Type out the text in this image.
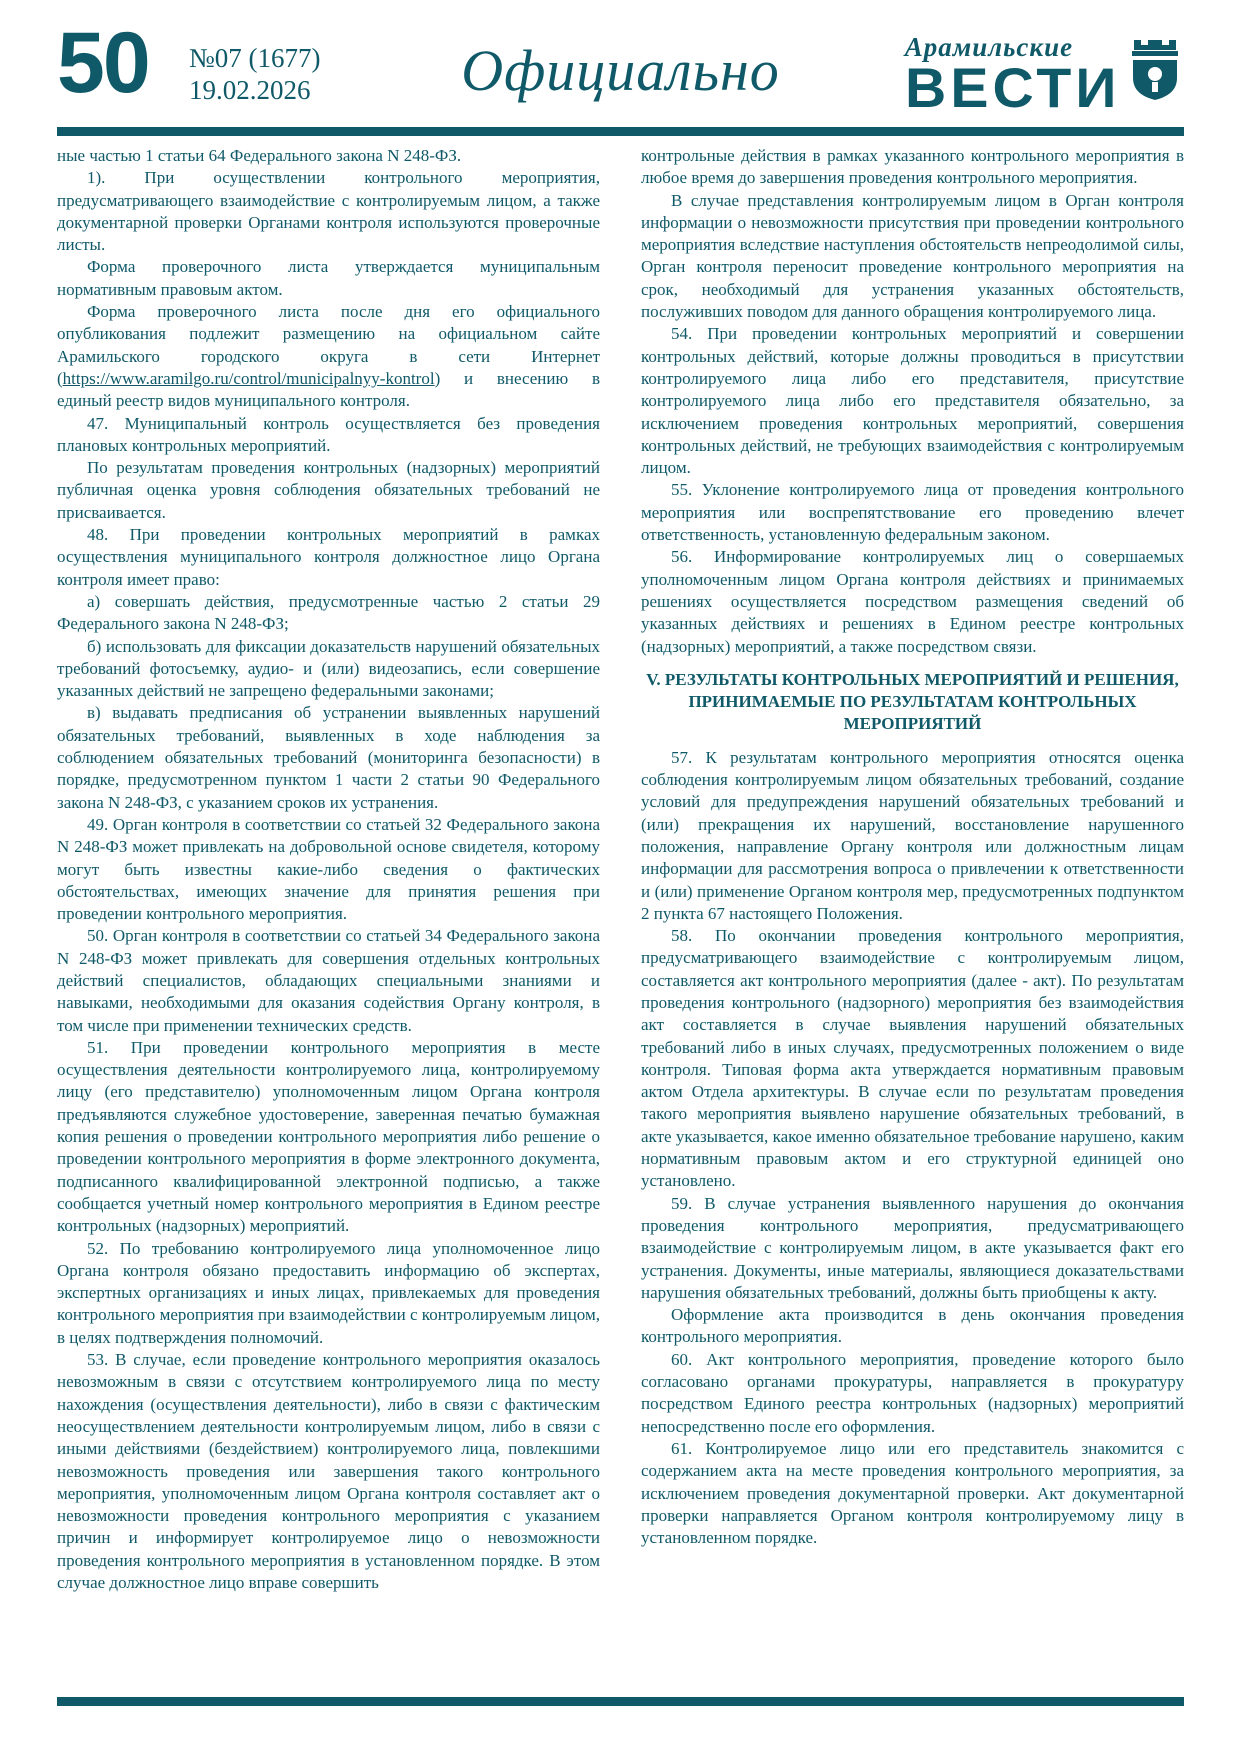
50 №07 (1677)
19.02.2026	Официально	Арамильские
ВЕСТИ

ные частью 1 статьи 64 Федерального закона N 248-ФЗ.

1). При осуществлении контрольного мероприятия, предусматривающего взаимодействие с контролируемым лицом, а также документарной проверки Органами контроля используются проверочные листы.

Форма проверочного листа утверждается муниципальным нормативным правовым актом.

Форма проверочного листа после дня его официального опубликования подлежит размещению на официальном сайте Арамильского городского округа в сети Интернет (https://www.aramilgo.ru/control/municipalnyy-kontrol) и внесению в единый реестр видов муниципального контроля.

47. Муниципальный контроль осуществляется без проведения плановых контрольных мероприятий.

По результатам проведения контрольных (надзорных) мероприятий публичная оценка уровня соблюдения обязательных требований не присваивается.

48. При проведении контрольных мероприятий в рамках осуществления муниципального контроля должностное лицо Органа контроля имеет право:

а) совершать действия, предусмотренные частью 2 статьи 29 Федерального закона N 248-ФЗ;

б) использовать для фиксации доказательств нарушений обязательных требований фотосъемку, аудио- и (или) видеозапись, если совершение указанных действий не запрещено федеральными законами;

в) выдавать предписания об устранении выявленных нарушений обязательных требований, выявленных в ходе наблюдения за соблюдением обязательных требований (мониторинга безопасности) в порядке, предусмотренном пунктом 1 части 2 статьи 90 Федерального закона N 248-ФЗ, с указанием сроков их устранения.

49. Орган контроля в соответствии со статьей 32 Федерального закона N 248-ФЗ может привлекать на добровольной основе свидетеля, которому могут быть известны какие-либо сведения о фактических обстоятельствах, имеющих значение для принятия решения при проведении контрольного мероприятия.

50. Орган контроля в соответствии со статьей 34 Федерального закона N 248-ФЗ может привлекать для совершения отдельных контрольных действий специалистов, обладающих специальными знаниями и навыками, необходимыми для оказания содействия Органу контроля, в том числе при применении технических средств.

51. При проведении контрольного мероприятия в месте осуществления деятельности контролируемого лица, контролируемому лицу (его представителю) уполномоченным лицом Органа контроля предъявляются служебное удостоверение, заверенная печатью бумажная копия решения о проведении контрольного мероприятия либо решение о проведении контрольного мероприятия в форме электронного документа, подписанного квалифицированной электронной подписью, а также сообщается учетный номер контрольного мероприятия в Едином реестре контрольных (надзорных) мероприятий.

52. По требованию контролируемого лица уполномоченное лицо Органа контроля обязано предоставить информацию об экспертах, экспертных организациях и иных лицах, привлекаемых для проведения контрольного мероприятия при взаимодействии с контролируемым лицом, в целях подтверждения полномочий.

53. В случае, если проведение контрольного мероприятия оказалось невозможным в связи с отсутствием контролируемого лица по месту нахождения (осуществления деятельности), либо в связи с фактическим неосуществлением деятельности контролируемым лицом, либо в связи с иными действиями (бездействием) контролируемого лица, повлекшими невозможность проведения или завершения такого контрольного мероприятия, уполномоченным лицом Органа контроля составляет акт о невозможности проведения контрольного мероприятия с указанием причин и информирует контролируемое лицо о невозможности проведения контрольного мероприятия в установленном порядке. В этом случае должностное лицо вправе совершить

контрольные действия в рамках указанного контрольного мероприятия в любое время до завершения проведения контрольного мероприятия.

В случае представления контролируемым лицом в Орган контроля информации о невозможности присутствия при проведении контрольного мероприятия вследствие наступления обстоятельств непреодолимой силы, Орган контроля переносит проведение контрольного мероприятия на срок, необходимый для устранения указанных обстоятельств, послуживших поводом для данного обращения контролируемого лица.

54. При проведении контрольных мероприятий и совершении контрольных действий, которые должны проводиться в присутствии контролируемого лица либо его представителя, присутствие контролируемого лица либо его представителя обязательно, за исключением проведения контрольных мероприятий, совершения контрольных действий, не требующих взаимодействия с контролируемым лицом.

55. Уклонение контролируемого лица от проведения контрольного мероприятия или воспрепятствование его проведению влечет ответственность, установленную федеральным законом.

56. Информирование контролируемых лиц о совершаемых уполномоченным лицом Органа контроля действиях и принимаемых решениях осуществляется посредством размещения сведений об указанных действиях и решениях в Едином реестре контрольных (надзорных) мероприятий, а также посредством связи.

V. РЕЗУЛЬТАТЫ КОНТРОЛЬНЫХ МЕРОПРИЯТИЙ И РЕШЕНИЯ, ПРИНИМАЕМЫЕ ПО РЕЗУЛЬТАТАМ КОНТРОЛЬНЫХ МЕРОПРИЯТИЙ

57. К результатам контрольного мероприятия относятся оценка соблюдения контролируемым лицом обязательных требований, создание условий для предупреждения нарушений обязательных требований и (или) прекращения их нарушений, восстановление нарушенного положения, направление Органу контроля или должностным лицам информации для рассмотрения вопроса о привлечении к ответственности и (или) применение Органом контроля мер, предусмотренных подпунктом 2 пункта 67 настоящего Положения.

58. По окончании проведения контрольного мероприятия, предусматривающего взаимодействие с контролируемым лицом, составляется акт контрольного мероприятия (далее - акт). По результатам проведения контрольного (надзорного) мероприятия без взаимодействия акт составляется в случае выявления нарушений обязательных требований либо в иных случаях, предусмотренных положением о виде контроля. Типовая форма акта утверждается нормативным правовым актом Отдела архитектуры. В случае если по результатам проведения такого мероприятия выявлено нарушение обязательных требований, в акте указывается, какое именно обязательное требование нарушено, каким нормативным правовым актом и его структурной единицей оно установлено.

59. В случае устранения выявленного нарушения до окончания проведения контрольного мероприятия, предусматривающего взаимодействие с контролируемым лицом, в акте указывается факт его устранения. Документы, иные материалы, являющиеся доказательствами нарушения обязательных требований, должны быть приобщены к акту.

Оформление акта производится в день окончания проведения контрольного мероприятия.

60. Акт контрольного мероприятия, проведение которого было согласовано органами прокуратуры, направляется в прокуратуру посредством Единого реестра контрольных (надзорных) мероприятий непосредственно после его оформления.

61. Контролируемое лицо или его представитель знакомится с содержанием акта на месте проведения контрольного мероприятия, за исключением проведения документарной проверки. Акт документарной проверки направляется Органом контроля контролируемому лицу в установленном порядке.
